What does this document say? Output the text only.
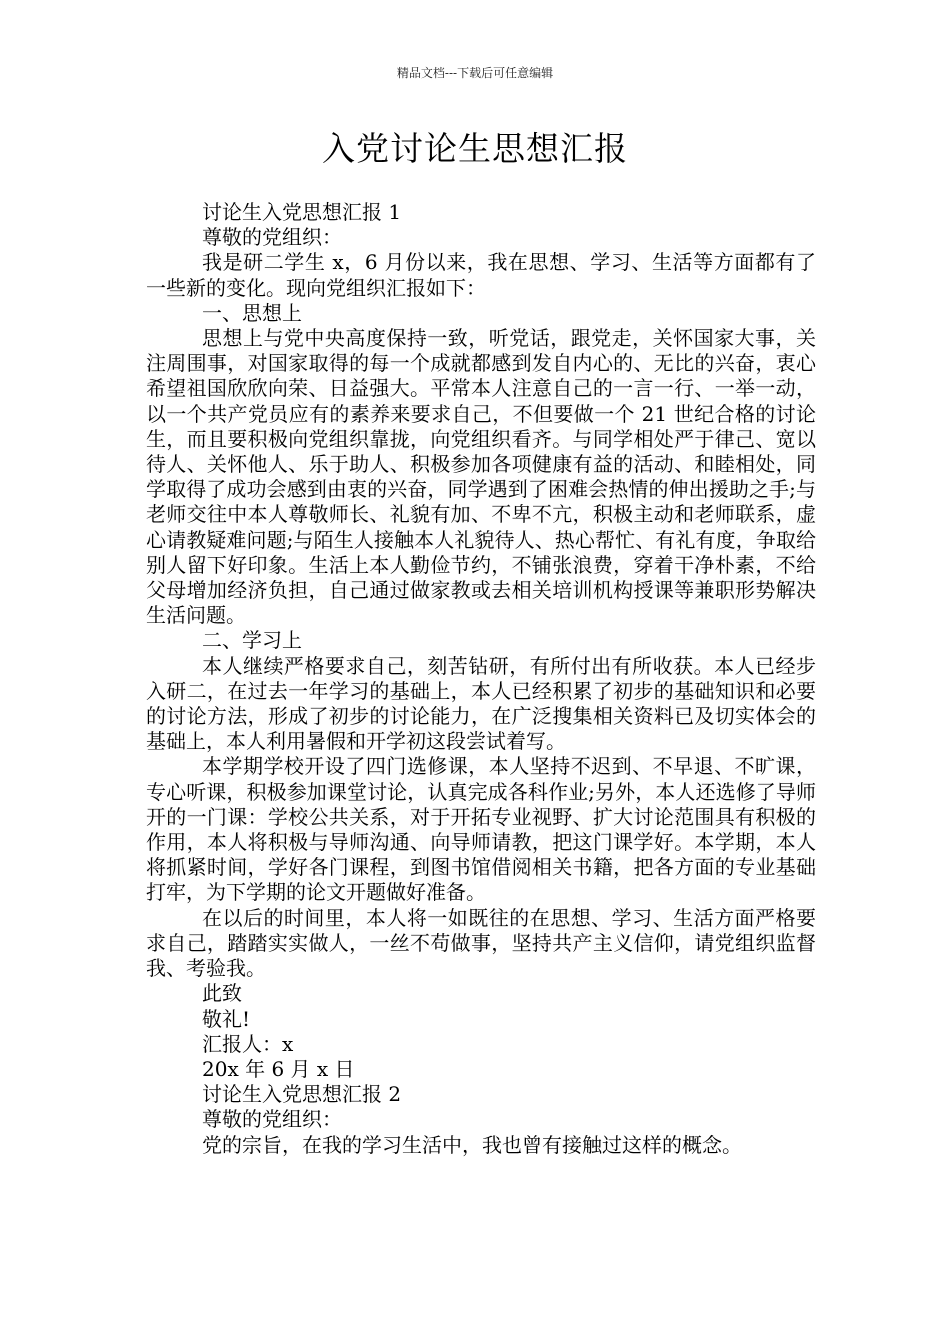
精品文档---下载后可任意编辑
入党讨论生思想汇报

讨论生入党思想汇报 1

尊敬的党组织：

我是研二学生 x，6 月份以来，我在思想、学习、生活等方面都有了一些新的变化。现向党组织汇报如下：

一、思想上

思想上与党中央高度保持一致，听党话，跟党走，关怀国家大事，关注周围事，对国家取得的每一个成就都感到发自内心的、无比的兴奋，衷心希望祖国欣欣向荣、日益强大。平常本人注意自己的一言一行、一举一动，以一个共产党员应有的素养来要求自己，不但要做一个 21 世纪合格的讨论生，而且要积极向党组织靠拢，向党组织看齐。与同学相处严于律己、宽以待人、关怀他人、乐于助人、积极参加各项健康有益的活动、和睦相处，同学取得了成功会感到由衷的兴奋，同学遇到了困难会热情的伸出援助之手;与老师交往中本人尊敬师长、礼貌有加、不卑不亢，积极主动和老师联系，虚心请教疑难问题;与陌生人接触本人礼貌待人、热心帮忙、有礼有度，争取给别人留下好印象。生活上本人勤俭节约，不铺张浪费，穿着干净朴素，不给父母增加经济负担，自己通过做家教或去相关培训机构授课等兼职形势解决生活问题。

二、学习上

本人继续严格要求自己，刻苦钻研，有所付出有所收获。本人已经步入研二，在过去一年学习的基础上，本人已经积累了初步的基础知识和必要的讨论方法，形成了初步的讨论能力，在广泛搜集相关资料已及切实体会的基础上，本人利用暑假和开学初这段尝试着写。

本学期学校开设了四门选修课，本人坚持不迟到、不早退、不旷课，专心听课，积极参加课堂讨论，认真完成各科作业;另外，本人还选修了导师开的一门课：学校公共关系，对于开拓专业视野、扩大讨论范围具有积极的作用，本人将积极与导师沟通、向导师请教，把这门课学好。本学期，本人将抓紧时间，学好各门课程，到图书馆借阅相关书籍，把各方面的专业基础打牢，为下学期的论文开题做好准备。

在以后的时间里，本人将一如既往的在思想、学习、生活方面严格要求自己，踏踏实实做人，一丝不苟做事，坚持共产主义信仰，请党组织监督我、考验我。

此致

敬礼!

汇报人：x

20x 年 6 月 x 日

讨论生入党思想汇报 2

尊敬的党组织：

党的宗旨，在我的学习生活中，我也曾有接触过这样的概念。
